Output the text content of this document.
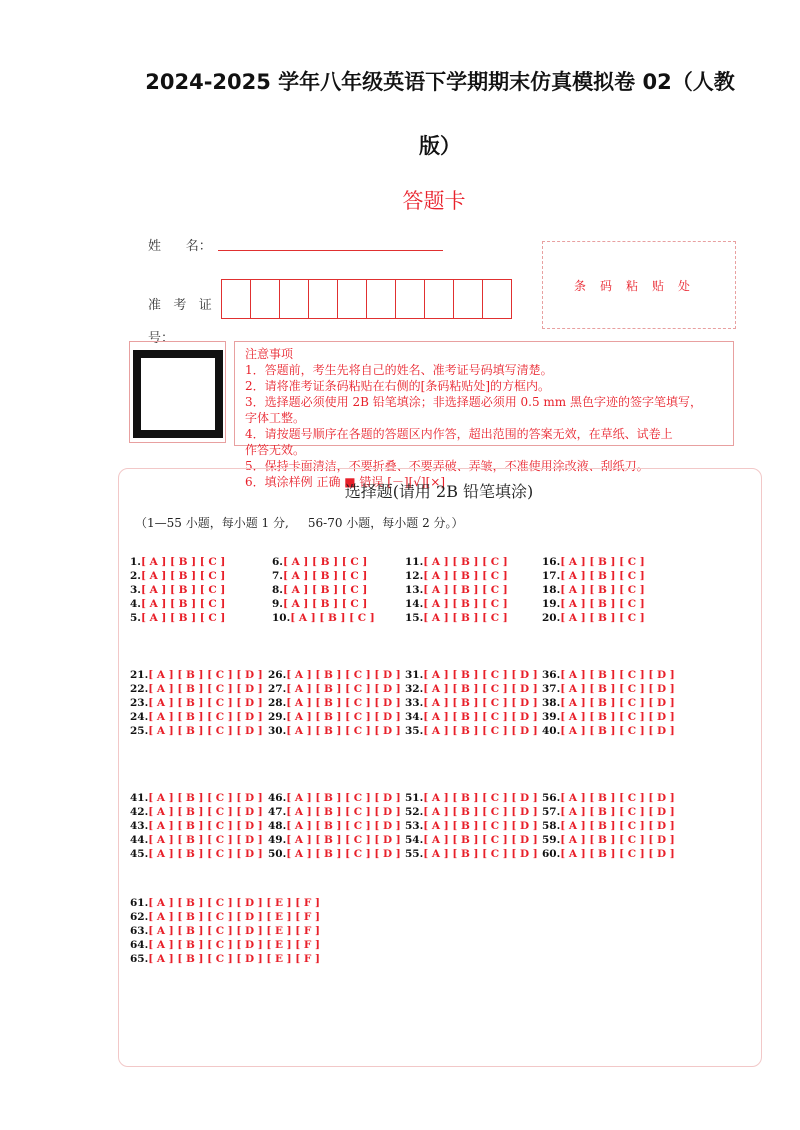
2024-2025 学年八年级英语下学期期末仿真模拟卷 02（人教
版）
答题卡
姓      名：
准   考   证
号：
条码粘贴处
注意事项
1．答题前，考生先将自己的姓名、准考证号码填写清楚。
2．请将准考证条码粘贴在右侧的[条码粘贴处]的方框内。
3．选择题必须使用 2B 铅笔填涂；非选择题必须用 0.5 mm 黑色字迹的签字笔填写，
字体工整。
4．请按题号顺序在各题的答题区内作答，超出范围的答案无效，在草纸、试卷上
作答无效。
5．保持卡面清洁，不要折叠、不要弄破、弄皱，不准使用涂改液、刮纸刀。
6．填涂样例 正确 ■ 错误 [－][√][×]
选择题(请用 2B 铅笔填涂)
（1—55 小题，每小题 1 分,     56-70 小题，每小题 2 分。）
1.[ A ] [ B ] [ C ]
2.[ A ] [ B ] [ C ]
3.[ A ] [ B ] [ C ]
4.[ A ] [ B ] [ C ]
5.[ A ] [ B ] [ C ]
6.[ A ] [ B ] [ C ]
7.[ A ] [ B ] [ C ]
8.[ A ] [ B ] [ C ]
9.[ A ] [ B ] [ C ]
10.[ A ] [ B ] [ C ]
11.[ A ] [ B ] [ C ]
12.[ A ] [ B ] [ C ]
13.[ A ] [ B ] [ C ]
14.[ A ] [ B ] [ C ]
15.[ A ] [ B ] [ C ]
16.[ A ] [ B ] [ C ]
17.[ A ] [ B ] [ C ]
18.[ A ] [ B ] [ C ]
19.[ A ] [ B ] [ C ]
20.[ A ] [ B ] [ C ]
21.[ A ] [ B ] [ C ] [ D ]
22.[ A ] [ B ] [ C ] [ D ]
23.[ A ] [ B ] [ C ] [ D ]
24.[ A ] [ B ] [ C ] [ D ]
25.[ A ] [ B ] [ C ] [ D ]
26.[ A ] [ B ] [ C ] [ D ]
27.[ A ] [ B ] [ C ] [ D ]
28.[ A ] [ B ] [ C ] [ D ]
29.[ A ] [ B ] [ C ] [ D ]
30.[ A ] [ B ] [ C ] [ D ]
31.[ A ] [ B ] [ C ] [ D ]
32.[ A ] [ B ] [ C ] [ D ]
33.[ A ] [ B ] [ C ] [ D ]
34.[ A ] [ B ] [ C ] [ D ]
35.[ A ] [ B ] [ C ] [ D ]
36.[ A ] [ B ] [ C ] [ D ]
37.[ A ] [ B ] [ C ] [ D ]
38.[ A ] [ B ] [ C ] [ D ]
39.[ A ] [ B ] [ C ] [ D ]
40.[ A ] [ B ] [ C ] [ D ]
41.[ A ] [ B ] [ C ] [ D ]
42.[ A ] [ B ] [ C ] [ D ]
43.[ A ] [ B ] [ C ] [ D ]
44.[ A ] [ B ] [ C ] [ D ]
45.[ A ] [ B ] [ C ] [ D ]
46.[ A ] [ B ] [ C ] [ D ]
47.[ A ] [ B ] [ C ] [ D ]
48.[ A ] [ B ] [ C ] [ D ]
49.[ A ] [ B ] [ C ] [ D ]
50.[ A ] [ B ] [ C ] [ D ]
51.[ A ] [ B ] [ C ] [ D ]
52.[ A ] [ B ] [ C ] [ D ]
53.[ A ] [ B ] [ C ] [ D ]
54.[ A ] [ B ] [ C ] [ D ]
55.[ A ] [ B ] [ C ] [ D ]
56.[ A ] [ B ] [ C ] [ D ]
57.[ A ] [ B ] [ C ] [ D ]
58.[ A ] [ B ] [ C ] [ D ]
59.[ A ] [ B ] [ C ] [ D ]
60.[ A ] [ B ] [ C ] [ D ]
61.[ A ] [ B ] [ C ] [ D ] [ E ] [ F ]
62.[ A ] [ B ] [ C ] [ D ] [ E ] [ F ]
63.[ A ] [ B ] [ C ] [ D ] [ E ] [ F ]
64.[ A ] [ B ] [ C ] [ D ] [ E ] [ F ]
65.[ A ] [ B ] [ C ] [ D ] [ E ] [ F ]
